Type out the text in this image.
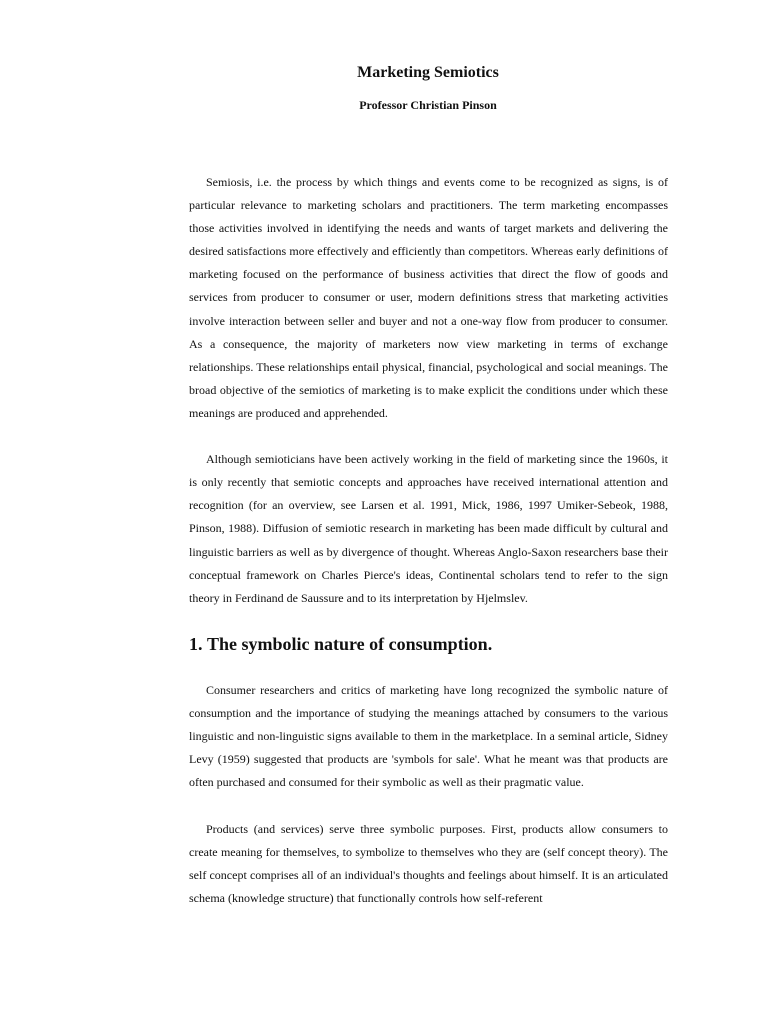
Marketing Semiotics
Professor Christian Pinson

Semiosis, i.e. the process by which things and events come to be recognized as signs, is of particular relevance to marketing scholars and practitioners. The term marketing encompasses those activities involved in identifying the needs and wants of target markets and delivering the desired satisfactions more effectively and efficiently than competitors. Whereas early definitions of marketing focused on the performance of business activities that direct the flow of goods and services from producer to consumer or user, modern definitions stress that marketing activities involve interaction between seller and buyer and not a one-way flow from producer to consumer. As a consequence, the majority of marketers now view marketing in terms of exchange relationships. These relationships entail physical, financial, psychological and social meanings. The broad objective of the semiotics of marketing is to make explicit the conditions under which these meanings are produced and apprehended.

Although semioticians have been actively working in the field of marketing since the 1960s, it is only recently that semiotic concepts and approaches have received international attention and recognition (for an overview, see Larsen et al. 1991, Mick, 1986, 1997 Umiker-Sebeok, 1988, Pinson, 1988). Diffusion of semiotic research in marketing has been made difficult by cultural and linguistic barriers as well as by divergence of thought. Whereas Anglo-Saxon researchers base their conceptual framework on Charles Pierce's ideas, Continental scholars tend to refer to the sign theory in Ferdinand de Saussure and to its interpretation by Hjelmslev.

1. The symbolic nature of consumption.

Consumer researchers and critics of marketing have long recognized the symbolic nature of consumption and the importance of studying the meanings attached by consumers to the various linguistic and non-linguistic signs available to them in the marketplace. In a seminal article, Sidney Levy (1959) suggested that products are 'symbols for sale'. What he meant was that products are often purchased and consumed for their symbolic as well as their pragmatic value.

Products (and services) serve three symbolic purposes. First, products allow consumers to create meaning for themselves, to symbolize to themselves who they are (self concept theory). The self concept comprises all of an individual's thoughts and feelings about himself. It is an articulated schema (knowledge structure) that functionally controls how self-referent
